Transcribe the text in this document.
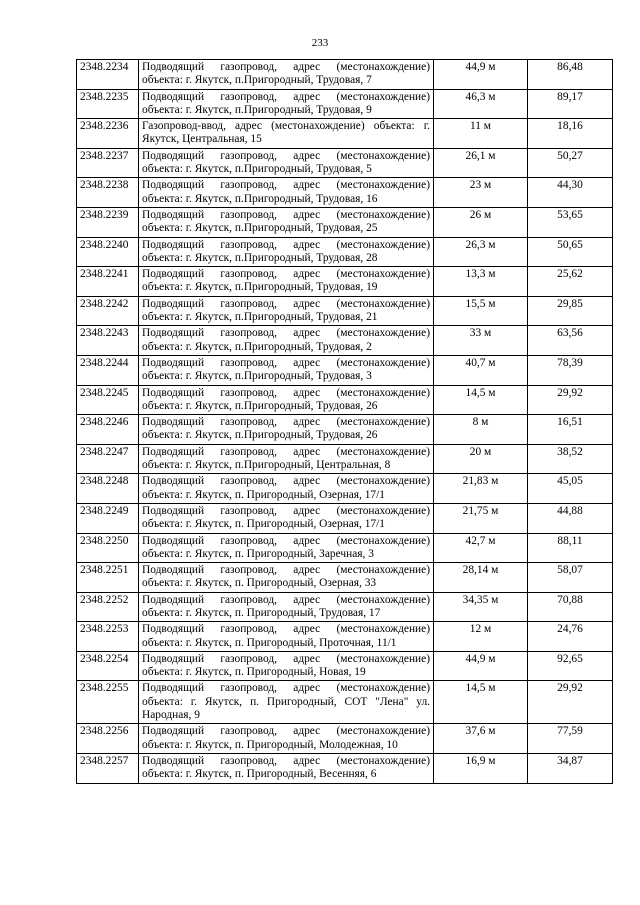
233
2348.2234	Подводящий газопровод, адрес (местонахождение) объекта: г. Якутск, п.Пригородный, Трудовая, 7	44,9 м	86,48
2348.2235	Подводящий газопровод, адрес (местонахождение) объекта: г. Якутск, п.Пригородный, Трудовая, 9	46,3 м	89,17
2348.2236	Газопровод-ввод, адрес (местонахождение) объекта: г. Якутск, Центральная, 15	11 м	18,16
2348.2237	Подводящий газопровод, адрес (местонахождение) объекта: г. Якутск, п.Пригородный, Трудовая, 5	26,1 м	50,27
2348.2238	Подводящий газопровод, адрес (местонахождение) объекта: г. Якутск, п.Пригородный, Трудовая, 16	23 м	44,30
2348.2239	Подводящий газопровод, адрес (местонахождение) объекта: г. Якутск, п.Пригородный, Трудовая, 25	26 м	53,65
2348.2240	Подводящий газопровод, адрес (местонахождение) объекта: г. Якутск, п.Пригородный, Трудовая, 28	26,3 м	50,65
2348.2241	Подводящий газопровод, адрес (местонахождение) объекта: г. Якутск, п.Пригородный, Трудовая, 19	13,3 м	25,62
2348.2242	Подводящий газопровод, адрес (местонахождение) объекта: г. Якутск, п.Пригородный, Трудовая, 21	15,5 м	29,85
2348.2243	Подводящий газопровод, адрес (местонахождение) объекта: г. Якутск, п.Пригородный, Трудовая, 2	33 м	63,56
2348.2244	Подводящий газопровод, адрес (местонахождение) объекта: г. Якутск, п.Пригородный, Трудовая, 3	40,7 м	78,39
2348.2245	Подводящий газопровод, адрес (местонахождение) объекта: г. Якутск, п.Пригородный, Трудовая, 26	14,5 м	29,92
2348.2246	Подводящий газопровод, адрес (местонахождение) объекта: г. Якутск, п.Пригородный, Трудовая, 26	8 м	16,51
2348.2247	Подводящий газопровод, адрес (местонахождение) объекта: г. Якутск, п.Пригородный, Центральная, 8	20 м	38,52
2348.2248	Подводящий газопровод, адрес (местонахождение) объекта: г. Якутск, п. Пригородный, Озерная, 17/1	21,83 м	45,05
2348.2249	Подводящий газопровод, адрес (местонахождение) объекта: г. Якутск, п. Пригородный, Озерная, 17/1	21,75 м	44,88
2348.2250	Подводящий газопровод, адрес (местонахождение) объекта: г. Якутск, п. Пригородный, Заречная, 3	42,7 м	88,11
2348.2251	Подводящий газопровод, адрес (местонахождение) объекта: г. Якутск, п. Пригородный, Озерная, 33	28,14 м	58,07
2348.2252	Подводящий газопровод, адрес (местонахождение) объекта: г. Якутск, п. Пригородный, Трудовая, 17	34,35 м	70,88
2348.2253	Подводящий газопровод, адрес (местонахождение) объекта: г. Якутск, п. Пригородный, Проточная, 11/1	12 м	24,76
2348.2254	Подводящий газопровод, адрес (местонахождение) объекта: г. Якутск, п. Пригородный, Новая, 19	44,9 м	92,65
2348.2255	Подводящий газопровод, адрес (местонахождение) объекта: г. Якутск, п. Пригородный, СОТ "Лена" ул. Народная, 9	14,5 м	29,92
2348.2256	Подводящий газопровод, адрес (местонахождение) объекта: г. Якутск, п. Пригородный, Молодежная, 10	37,6 м	77,59
2348.2257	Подводящий газопровод, адрес (местонахождение) объекта: г. Якутск, п. Пригородный, Весенняя, 6	16,9 м	34,87
